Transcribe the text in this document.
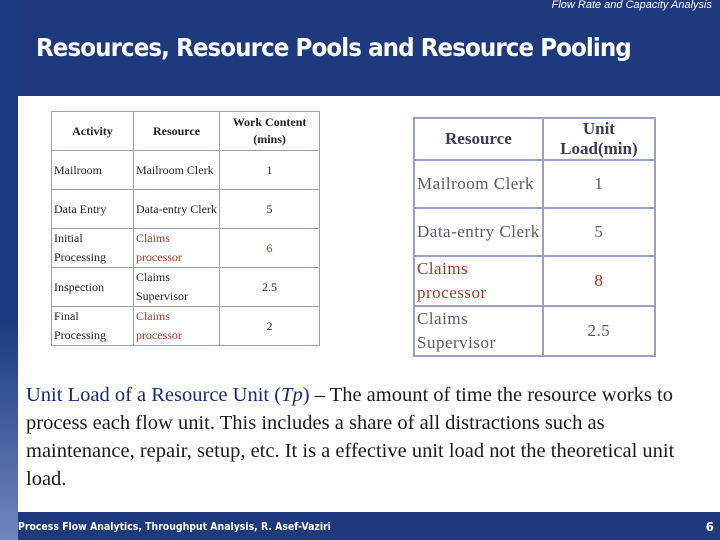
Flow Rate and Capacity Analysis
Resources, Resource Pools and Resource Pooling
Activity	Resource	Work Content (mins)
Mailroom	Mailroom Clerk	1
Data Entry	Data-entry Clerk	5
Initial Processing	Claims processor	6
Inspection	Claims Supervisor	2.5
Final Processing	Claims processor	2
Resource	Unit Load(min)
Mailroom Clerk	1
Data-entry Clerk	5
Claims processor	8
Claims Supervisor	2.5
Unit Load of a Resource Unit (Tp) – The amount of time the resource works to process each flow unit. This includes a share of all distractions such as maintenance, repair, setup, etc. It is a effective unit load not the theoretical unit load.
Process Flow Analytics, Throughput Analysis, R. Asef-Vaziri	6
